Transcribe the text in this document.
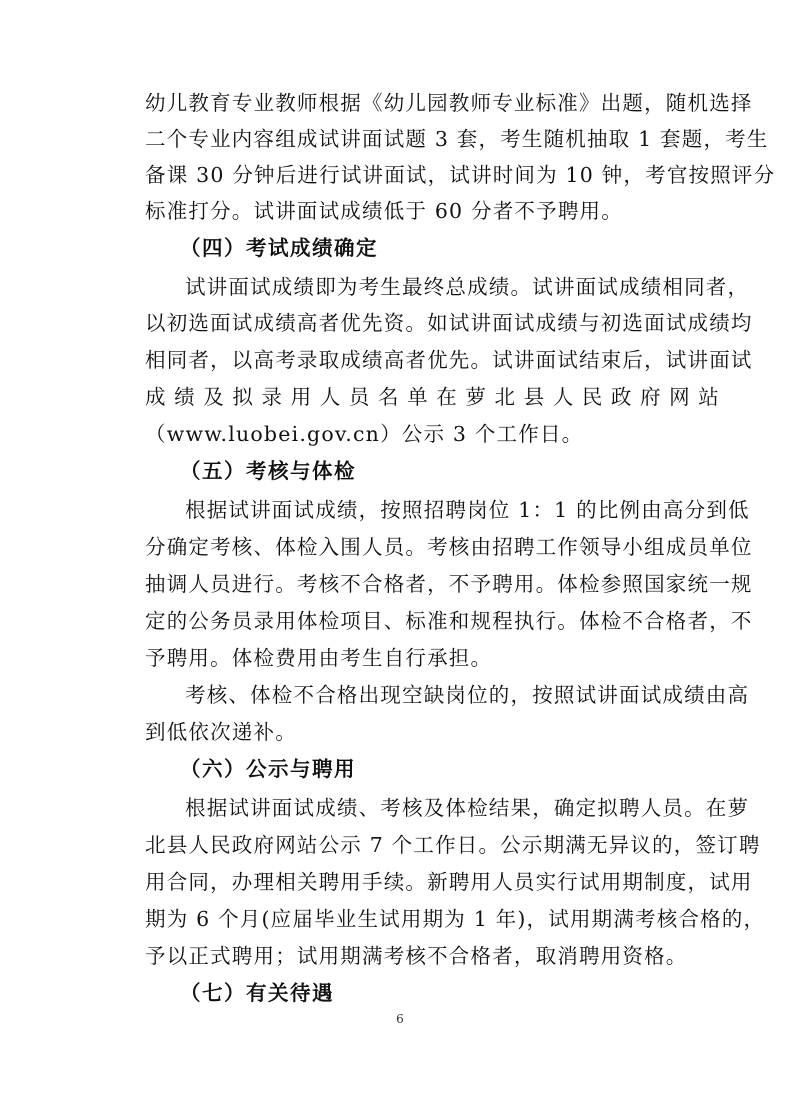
幼儿教育专业教师根据《幼儿园教师专业标准》出题，随机选择
二个专业内容组成试讲面试题 3 套，考生随机抽取 1 套题，考生
备课 30 分钟后进行试讲面试，试讲时间为 10 钟，考官按照评分
标准打分。试讲面试成绩低于 60 分者不予聘用。
（四）考试成绩确定
试讲面试成绩即为考生最终总成绩。试讲面试成绩相同者，
以初选面试成绩高者优先资。如试讲面试成绩与初选面试成绩均
相同者，以高考录取成绩高者优先。试讲面试结束后，试讲面试
成绩及拟录用人员名单在萝北县人民政府网站
（www.luobei.gov.cn）公示 3 个工作日。
（五）考核与体检
根据试讲面试成绩，按照招聘岗位 1：1 的比例由高分到低
分确定考核、体检入围人员。考核由招聘工作领导小组成员单位
抽调人员进行。考核不合格者，不予聘用。体检参照国家统一规
定的公务员录用体检项目、标准和规程执行。体检不合格者，不
予聘用。体检费用由考生自行承担。
考核、体检不合格出现空缺岗位的，按照试讲面试成绩由高
到低依次递补。
（六）公示与聘用
根据试讲面试成绩、考核及体检结果，确定拟聘人员。在萝
北县人民政府网站公示 7 个工作日。公示期满无异议的，签订聘
用合同，办理相关聘用手续。新聘用人员实行试用期制度，试用
期为 6 个月(应届毕业生试用期为 1 年)，试用期满考核合格的，
予以正式聘用；试用期满考核不合格者，取消聘用资格。
（七）有关待遇
6
